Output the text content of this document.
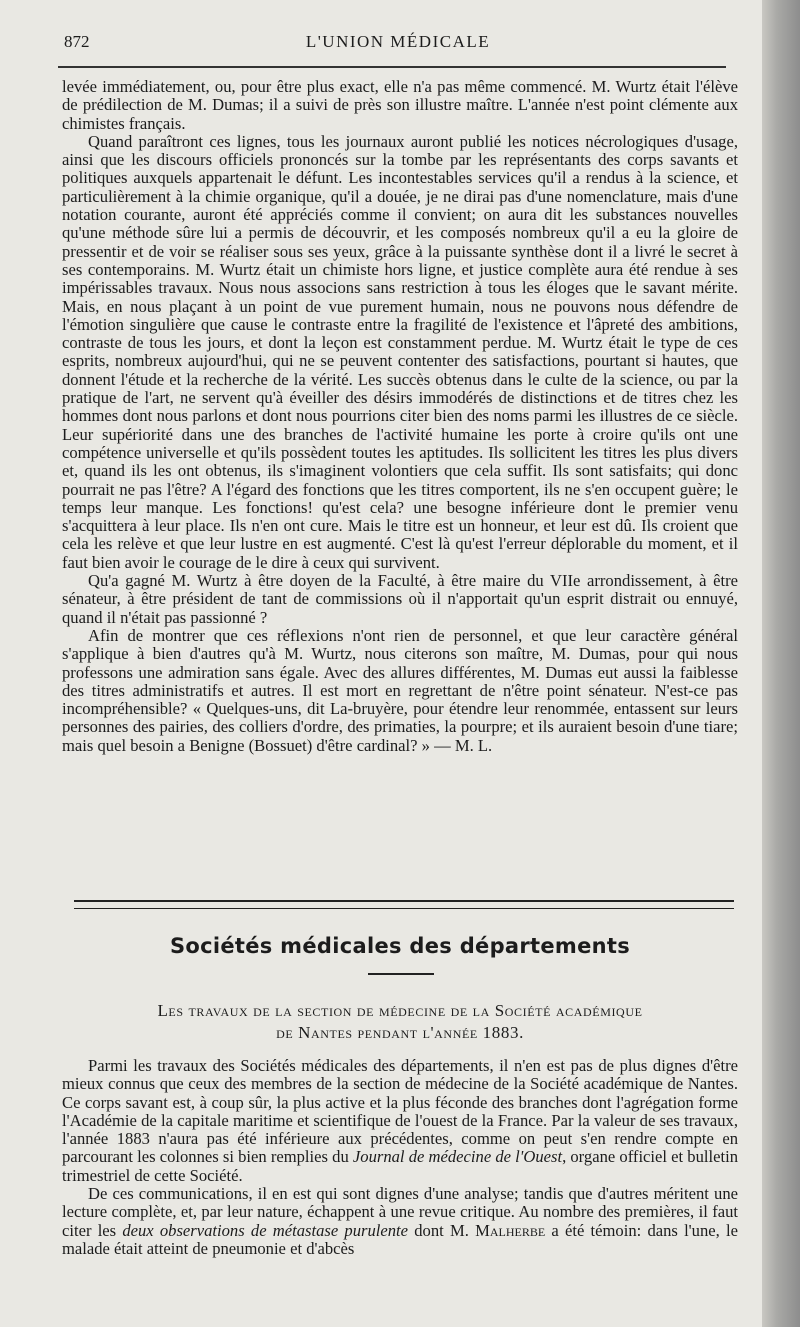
872	L'UNION MÉDICALE

levée immédiatement, ou, pour être plus exact, elle n'a pas même commencé. M. Wurtz était l'élève de prédilection de M. Dumas; il a suivi de près son illustre maître. L'année n'est point clémente aux chimistes français.

Quand paraîtront ces lignes, tous les journaux auront publié les notices nécrologiques d'usage, ainsi que les discours officiels prononcés sur la tombe par les représentants des corps savants et politiques auxquels appartenait le défunt. Les incontestables services qu'il a rendus à la science, et particulièrement à la chimie organique, qu'il a douée, je ne dirai pas d'une nomenclature, mais d'une notation courante, auront été appréciés comme il convient; on aura dit les substances nouvelles qu'une méthode sûre lui a permis de découvrir, et les composés nombreux qu'il a eu la gloire de pressentir et de voir se réaliser sous ses yeux, grâce à la puissante synthèse dont il a livré le secret à ses contemporains. M. Wurtz était un chimiste hors ligne, et justice complète aura été rendue à ses impérissables travaux. Nous nous associons sans restriction à tous les éloges que le savant mérite. Mais, en nous plaçant à un point de vue purement humain, nous ne pouvons nous défendre de l'émotion singulière que cause le contraste entre la fragilité de l'existence et l'âpreté des ambitions, contraste de tous les jours, et dont la leçon est constamment perdue. M. Wurtz était le type de ces esprits, nombreux aujourd'hui, qui ne se peuvent contenter des satisfactions, pourtant si hautes, que donnent l'étude et la recherche de la vérité. Les succès obtenus dans le culte de la science, ou par la pratique de l'art, ne servent qu'à éveiller des désirs immodérés de distinctions et de titres chez les hommes dont nous parlons et dont nous pourrions citer bien des noms parmi les illustres de ce siècle. Leur supériorité dans une des branches de l'activité humaine les porte à croire qu'ils ont une compétence universelle et qu'ils possèdent toutes les aptitudes. Ils sollicitent les titres les plus divers et, quand ils les ont obtenus, ils s'imaginent volontiers que cela suffit. Ils sont satisfaits; qui donc pourrait ne pas l'être? A l'égard des fonctions que les titres comportent, ils ne s'en occupent guère; le temps leur manque. Les fonctions! qu'est cela? une besogne inférieure dont le premier venu s'acquittera à leur place. Ils n'en ont cure. Mais le titre est un honneur, et leur est dû. Ils croient que cela les relève et que leur lustre en est augmenté. C'est là qu'est l'erreur déplorable du moment, et il faut bien avoir le courage de le dire à ceux qui survivent.

Qu'a gagné M. Wurtz à être doyen de la Faculté, à être maire du VIIe arrondissement, à être sénateur, à être président de tant de commissions où il n'apportait qu'un esprit distrait ou ennuyé, quand il n'était pas passionné ?

Afin de montrer que ces réflexions n'ont rien de personnel, et que leur caractère général s'applique à bien d'autres qu'à M. Wurtz, nous citerons son maître, M. Dumas, pour qui nous professons une admiration sans égale. Avec des allures différentes, M. Dumas eut aussi la faiblesse des titres administratifs et autres. Il est mort en regrettant de n'être point sénateur. N'est-ce pas incompréhensible? « Quelques-uns, dit La-bruyère, pour étendre leur renommée, entassent sur leurs personnes des pairies, des colliers d'ordre, des primaties, la pourpre; et ils auraient besoin d'une tiare; mais quel besoin a Benigne (Bossuet) d'être cardinal? » — M. L.

Sociétés médicales des départements
Les travaux de la section de médecine de la Société académique
de Nantes pendant l'année 1883.

Parmi les travaux des Sociétés médicales des départements, il n'en est pas de plus dignes d'être mieux connus que ceux des membres de la section de médecine de la Société académique de Nantes. Ce corps savant est, à coup sûr, la plus active et la plus féconde des branches dont l'agrégation forme l'Académie de la capitale maritime et scientifique de l'ouest de la France. Par la valeur de ses travaux, l'année 1883 n'aura pas été inférieure aux précédentes, comme on peut s'en rendre compte en parcourant les colonnes si bien remplies du Journal de médecine de l'Ouest, organe officiel et bulletin trimestriel de cette Société.

De ces communications, il en est qui sont dignes d'une analyse; tandis que d'autres méritent une lecture complète, et, par leur nature, échappent à une revue critique. Au nombre des premières, il faut citer les deux observations de métastase purulente dont M. Malherbe a été témoin: dans l'une, le malade était atteint de pneumonie et d'abcès
